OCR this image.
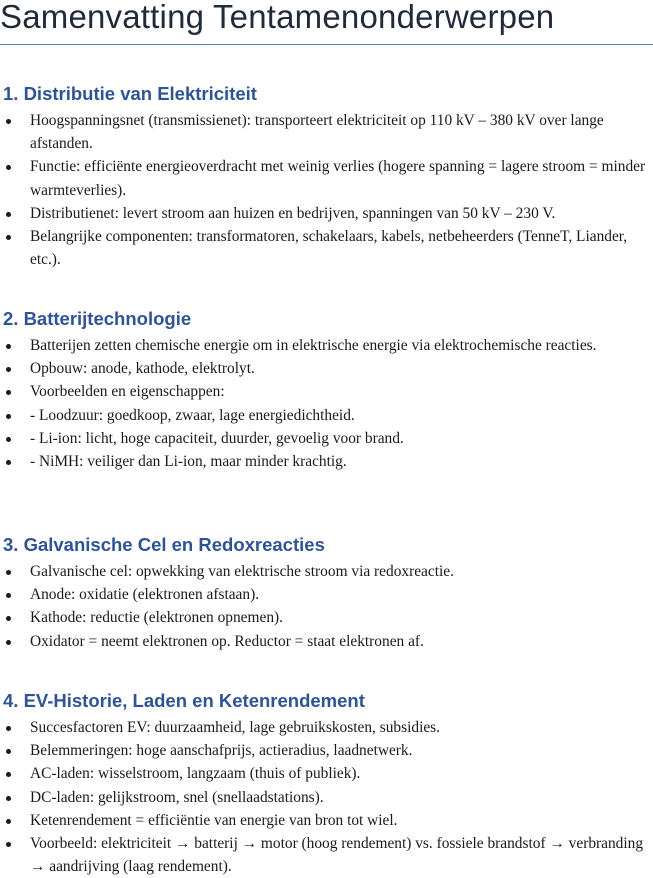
Samenvatting Tentamenonderwerpen
1. Distributie van Elektriciteit
Hoogspanningsnet (transmissienet): transporteert elektriciteit op 110 kV – 380 kV over lange afstanden.
Functie: efficiënte energieoverdracht met weinig verlies (hogere spanning = lagere stroom = minder warmteverlies).
Distributienet: levert stroom aan huizen en bedrijven, spanningen van 50 kV – 230 V.
Belangrijke componenten: transformatoren, schakelaars, kabels, netbeheerders (TenneT, Liander, etc.).
2. Batterijtechnologie
Batterijen zetten chemische energie om in elektrische energie via elektrochemische reacties.
Opbouw: anode, kathode, elektrolyt.
Voorbeelden en eigenschappen:
- Loodzuur: goedkoop, zwaar, lage energiedichtheid.
- Li-ion: licht, hoge capaciteit, duurder, gevoelig voor brand.
- NiMH: veiliger dan Li-ion, maar minder krachtig.
3. Galvanische Cel en Redoxreacties
Galvanische cel: opwekking van elektrische stroom via redoxreactie.
Anode: oxidatie (elektronen afstaan).
Kathode: reductie (elektronen opnemen).
Oxidator = neemt elektronen op. Reductor = staat elektronen af.
4. EV-Historie, Laden en Ketenrendement
Succesfactoren EV: duurzaamheid, lage gebruikskosten, subsidies.
Belemmeringen: hoge aanschafprijs, actieradius, laadnetwerk.
AC-laden: wisselstroom, langzaam (thuis of publiek).
DC-laden: gelijkstroom, snel (snellaadstations).
Ketenrendement = efficiëntie van energie van bron tot wiel.
Voorbeeld: elektriciteit → batterij → motor (hoog rendement) vs. fossiele brandstof → verbranding → aandrijving (laag rendement).
